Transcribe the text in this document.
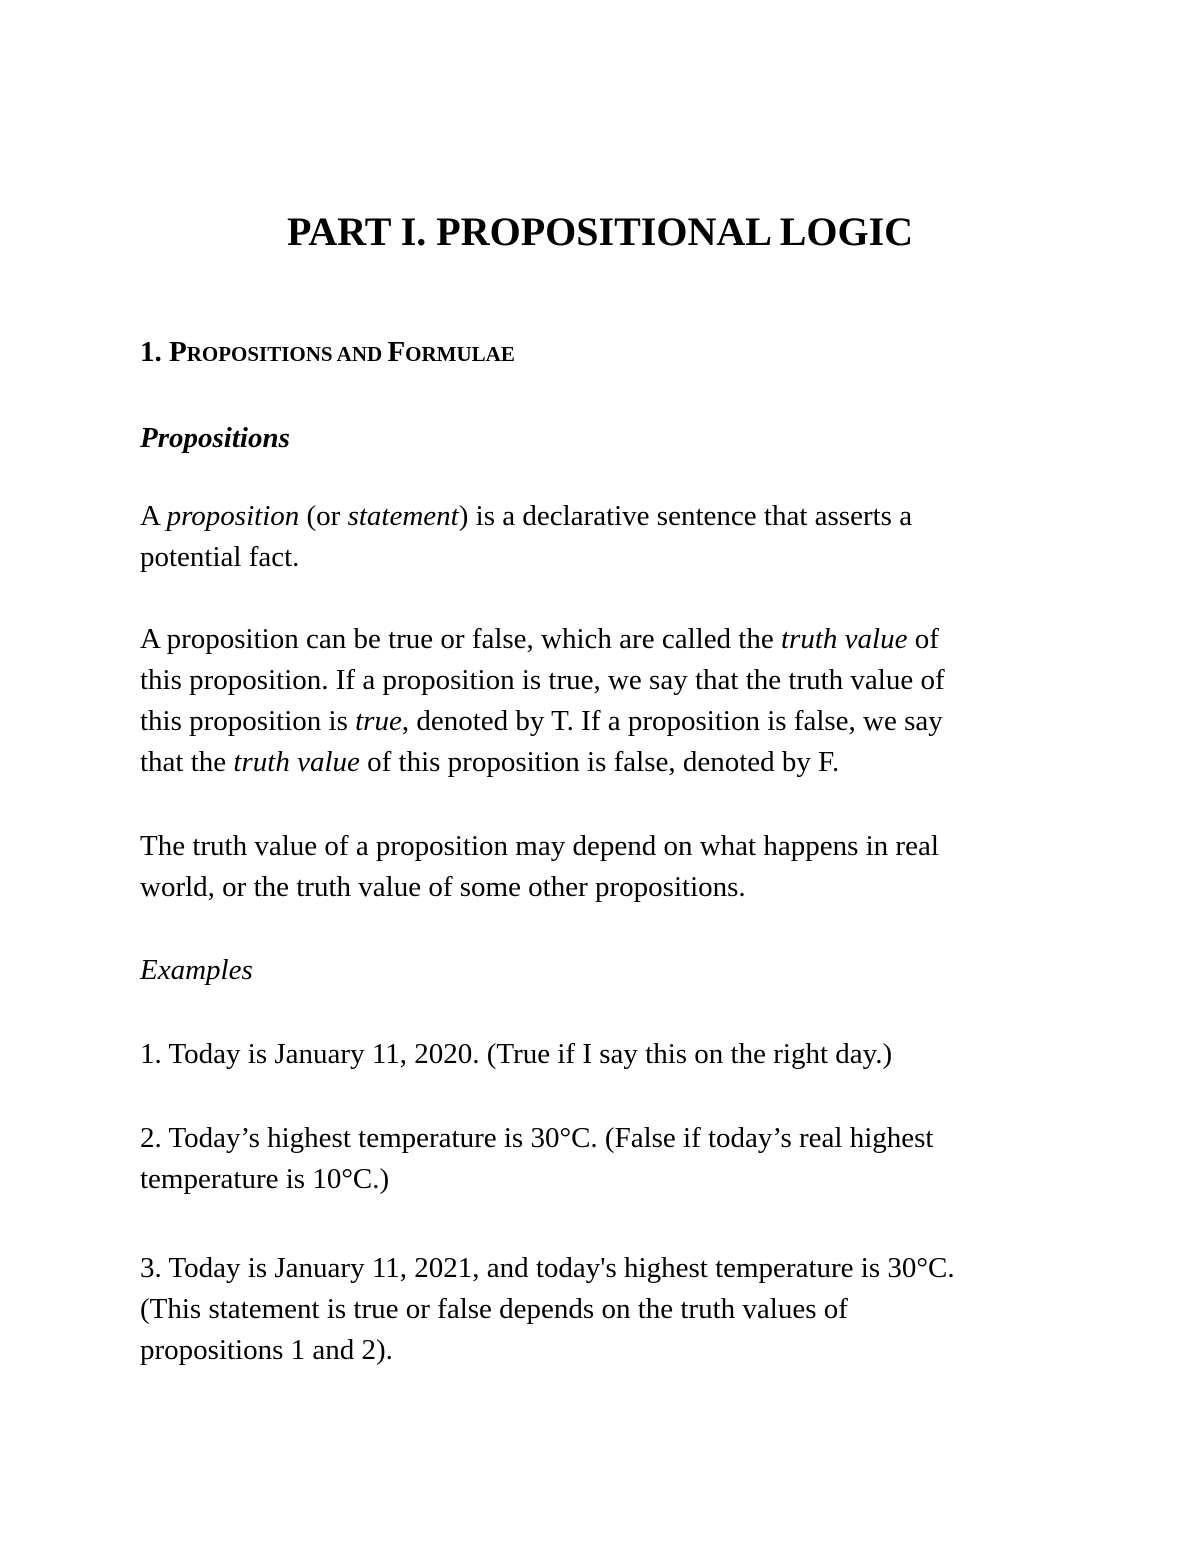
PART I. PROPOSITIONAL LOGIC
1. PROPOSITIONS AND FORMULAE
Propositions

A proposition (or statement) is a declarative sentence that asserts a
potential fact.

A proposition can be true or false, which are called the truth value of
this proposition. If a proposition is true, we say that the truth value of
this proposition is true, denoted by T. If a proposition is false, we say
that the truth value of this proposition is false, denoted by F.

The truth value of a proposition may depend on what happens in real
world, or the truth value of some other propositions.

Examples

1. Today is January 11, 2020. (True if I say this on the right day.)

2. Today’s highest temperature is 30°C. (False if today’s real highest
temperature is 10°C.)

3. Today is January 11, 2021, and today's highest temperature is 30°C.
(This statement is true or false depends on the truth values of
propositions 1 and 2).
